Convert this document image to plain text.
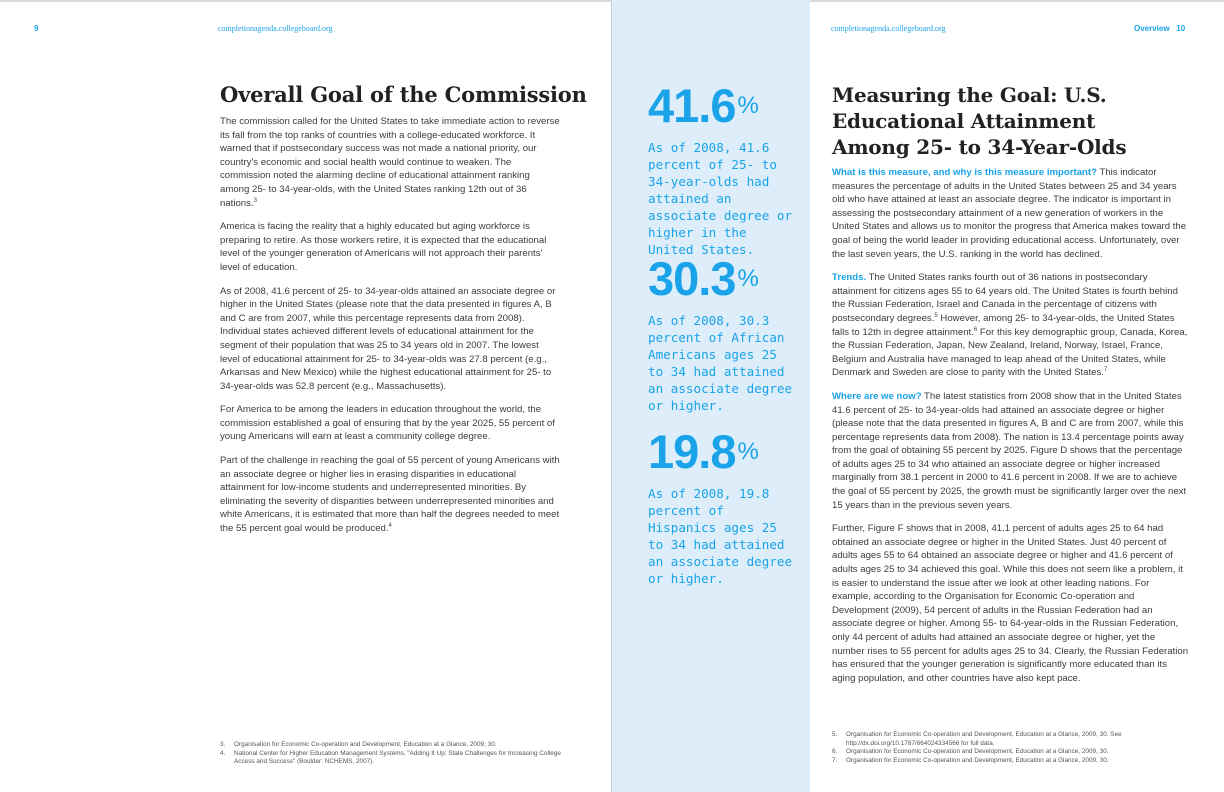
9	completionagenda.collegeboard.org
Overall Goal of the Commission

The commission called for the United States to take immediate action to reverse its fall from the top ranks of countries with a college-educated workforce. It warned that if postsecondary success was not made a national priority, our country's economic and social health would continue to weaken. The commission noted the alarming decline of educational attainment ranking among 25- to 34-year-olds, with the United States ranking 12th out of 36 nations.$^3$

America is facing the reality that a highly educated but aging workforce is preparing to retire. As those workers retire, it is expected that the educational level of the younger generation of Americans will not approach their parents' level of education.

As of 2008, 41.6 percent of 25- to 34-year-olds attained an associate degree or higher in the United States (please note that the data presented in figures A, B and C are from 2007, while this percentage represents data from 2008). Individual states achieved different levels of educational attainment for the segment of their population that was 25 to 34 years old in 2007. The lowest level of educational attainment for 25- to 34-year-olds was 27.8 percent (e.g., Arkansas and New Mexico) while the highest educational attainment for 25- to 34-year-olds was 52.8 percent (e.g., Massachusetts).

For America to be among the leaders in education throughout the world, the commission established a goal of ensuring that by the year 2025, 55 percent of young Americans will earn at least a community college degree.

Part of the challenge in reaching the goal of 55 percent of young Americans with an associate degree or higher lies in erasing disparities in educational attainment for low-income students and underrepresented minorities. By eliminating the severity of disparities between underrepresented minorities and white Americans, it is estimated that more than half the degrees needed to meet the 55 percent goal would be produced.$^4$

3.	Organisation for Economic Co-operation and Development, Education at a Glance, 2009, 30.
4.	National Center for Higher Education Management Systems, "Adding It Up: State Challenges for Increasing College Access and Success" (Boulder: NCHEMS, 2007).
41.6%
As of 2008, 41.6 percent of 25- to 34-year-olds had attained an associate degree or higher in the United States.
30.3%
As of 2008, 30.3 percent of African Americans ages 25 to 34 had attained an associate degree or higher.
19.8%
As of 2008, 19.8 percent of Hispanics ages 25 to 34 had attained an associate degree or higher.
completionagenda.collegeboard.org	Overview 10
Measuring the Goal: U.S.
Educational Attainment
Among 25- to 34-Year-Olds

What is this measure, and why is this measure important? This indicator measures the percentage of adults in the United States between 25 and 34 years old who have attained at least an associate degree. The indicator is important in assessing the postsecondary attainment of a new generation of workers in the United States and allows us to monitor the progress that America makes toward the goal of being the world leader in providing educational access. Unfortunately, over the last seven years, the U.S. ranking in the world has declined.

Trends. The United States ranks fourth out of 36 nations in postsecondary attainment for citizens ages 55 to 64 years old. The United States is fourth behind the Russian Federation, Israel and Canada in the percentage of citizens with postsecondary degrees.$^5$ However, among 25- to 34-year-olds, the United States falls to 12th in degree attainment.$^6$ For this key demographic group, Canada, Korea, the Russian Federation, Japan, New Zealand, Ireland, Norway, Israel, France, Belgium and Australia have managed to leap ahead of the United States, while Denmark and Sweden are close to parity with the United States.$^7$

Where are we now? The latest statistics from 2008 show that in the United States 41.6 percent of 25- to 34-year-olds had attained an associate degree or higher (please note that the data presented in figures A, B and C are from 2007, while this percentage represents data from 2008). The nation is 13.4 percentage points away from the goal of obtaining 55 percent by 2025. Figure D shows that the percentage of adults ages 25 to 34 who attained an associate degree or higher increased marginally from 38.1 percent in 2000 to 41.6 percent in 2008. If we are to achieve the goal of 55 percent by 2025, the growth must be significantly larger over the next 15 years than in the previous seven years.

Further, Figure F shows that in 2008, 41.1 percent of adults ages 25 to 64 had obtained an associate degree or higher in the United States. Just 40 percent of adults ages 55 to 64 obtained an associate degree or higher and 41.6 percent of adults ages 25 to 34 achieved this goal. While this does not seem like a problem, it is easier to understand the issue after we look at other leading nations. For example, according to the Organisation for Economic Co-operation and Development (2009), 54 percent of adults in the Russian Federation had an associate degree or higher. Among 55- to 64-year-olds in the Russian Federation, only 44 percent of adults had attained an associate degree or higher, yet the number rises to 55 percent for adults ages 25 to 34. Clearly, the Russian Federation has ensured that the younger generation is significantly more educated than its aging population, and other countries have also kept pace.

5.	Organisation for Economic Co-operation and Development, Education at a Glance, 2009, 30. See http://dx.doi.org/10.1787/664024334566 for full data.
6.	Organisation for Economic Co-operation and Development, Education at a Glance, 2009, 30.
7.	Organisation for Economic Co-operation and Development, Education at a Glance, 2009, 30.
